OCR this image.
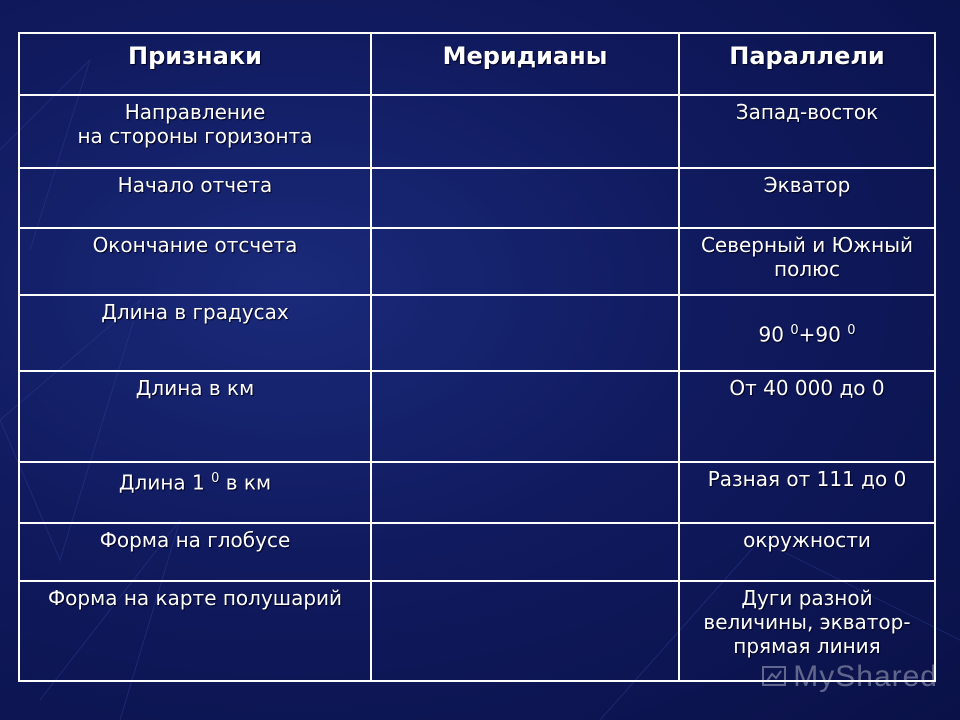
Признаки	Меридианы	Параллели

Направление
на стороны горизонта		Запад-восток
Начало отчета		Экватор
Окончание отсчета		Северный и Южный полюс
Длина в градусах		90 $^0$+90 $^0$
Длина в км		От 40 000 до 0
Длина 1 $^0$ в км		Разная от 111 до 0
Форма на глобусе		окружности
Форма на карте полушарий		Дуги разной величины, экватор- прямая линия
MyShared
